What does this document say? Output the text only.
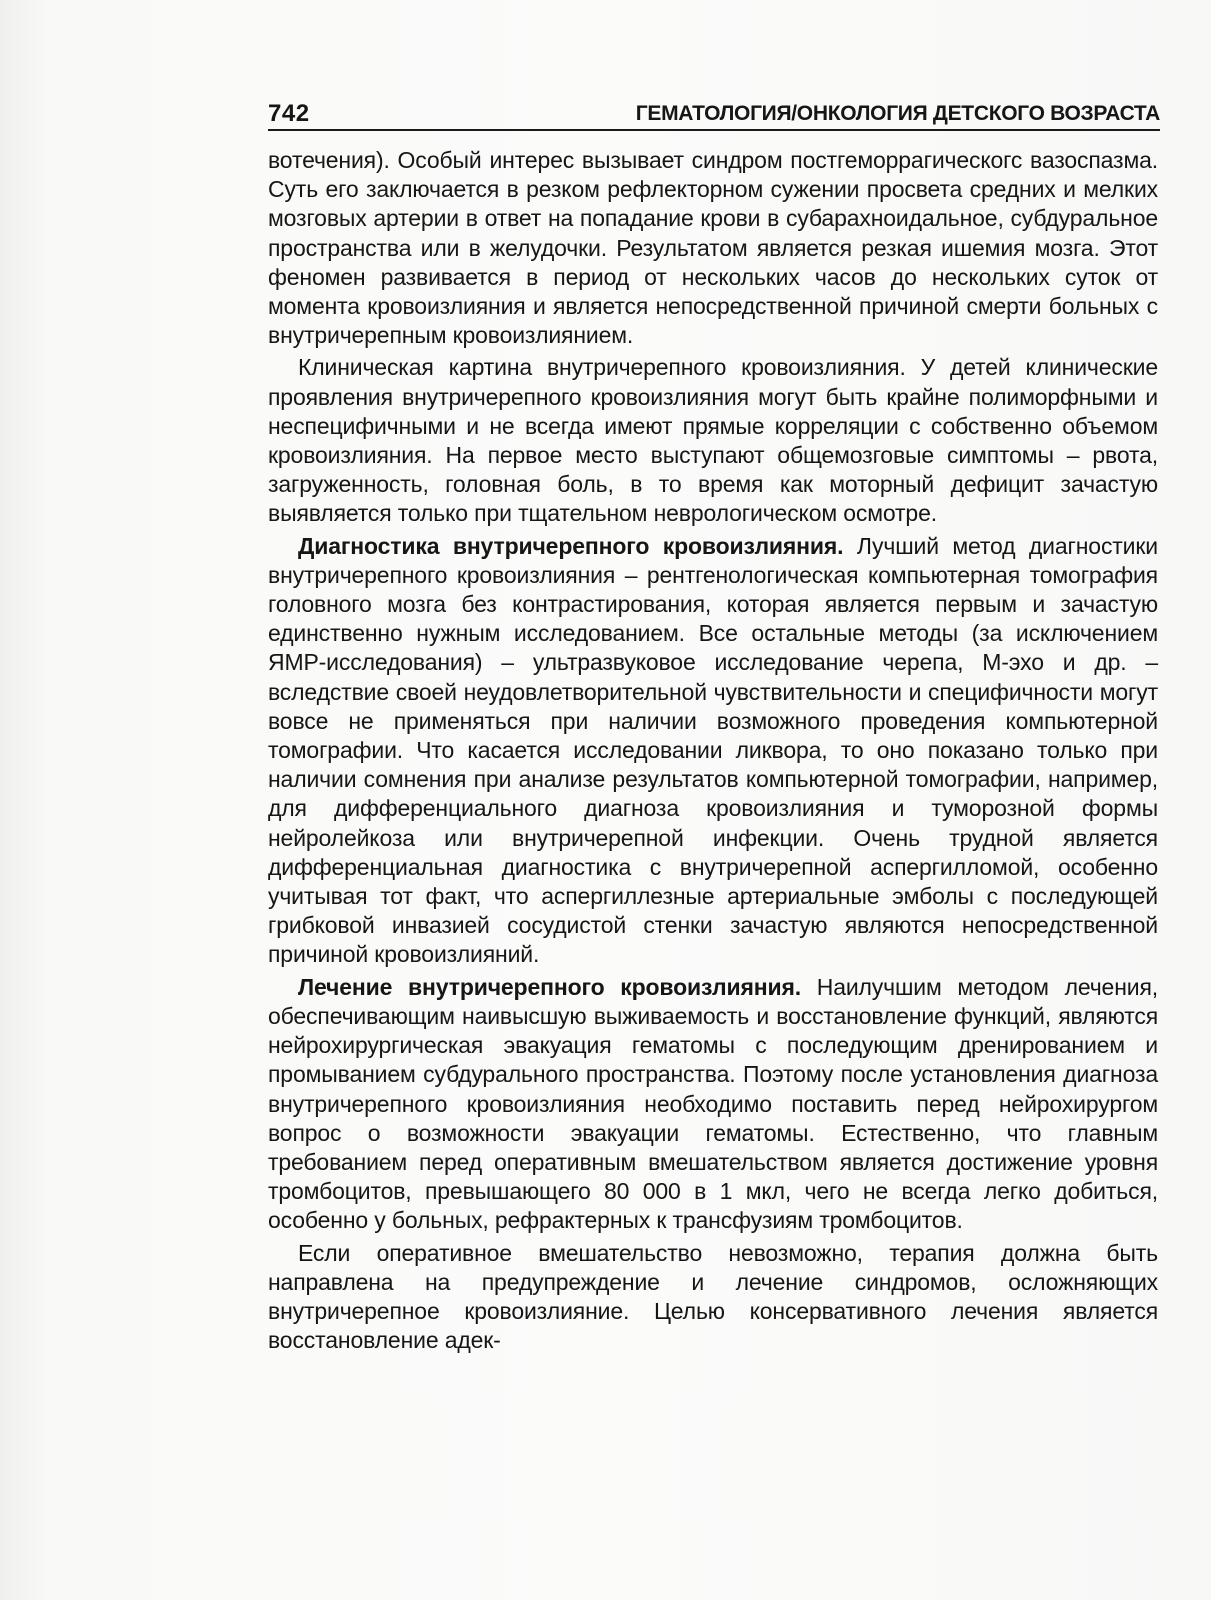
742	ГЕМАТОЛОГИЯ/ОНКОЛОГИЯ ДЕТСКОГО ВОЗРАСТА

вотечения). Особый интерес вызывает синдром постгеморрагическогс вазоспазма. Суть его заключается в резком рефлекторном сужении просвета средних и мелких мозговых артерии в ответ на попадание крови в субарахноидальное, субдуральное пространства или в желудочки. Результатом является резкая ишемия мозга. Этот феномен развивается в период от нескольких часов до нескольких суток от момента кровоизлияния и является непосредственной причиной смерти больных с внутричерепным кровоизлиянием.

Клиническая картина внутричерепного кровоизлияния. У детей клинические проявления внутричерепного кровоизлияния могут быть крайне полиморфными и неспецифичными и не всегда имеют прямые корреляции с собственно объемом кровоизлияния. На первое место выступают общемозговые симптомы – рвота, загруженность, головная боль, в то время как моторный дефицит зачастую выявляется только при тщательном неврологическом осмотре.

Диагностика внутричерепного кровоизлияния. Лучший метод диагностики внутричерепного кровоизлияния – рентгенологическая компьютерная томография головного мозга без контрастирования, которая является первым и зачастую единственно нужным исследованием. Все остальные методы (за исключением ЯМР-исследования) – ультразвуковое исследование черепа, М-эхо и др. – вследствие своей неудовлетворительной чувствительности и специфичности могут вовсе не применяться при наличии возможного проведения компьютерной томографии. Что касается исследовании ликвора, то оно показано только при наличии сомнения при анализе результатов компьютерной томографии, например, для дифференциального диагноза кровоизлияния и туморозной формы нейролейкоза или внутричерепной инфекции. Очень трудной является дифференциальная диагностика с внутричерепной аспергилломой, особенно учитывая тот факт, что аспергиллезные артериальные эмболы с последующей грибковой инвазией сосудистой стенки зачастую являются непосредственной причиной кровоизлияний.

Лечение внутричерепного кровоизлияния. Наилучшим методом лечения, обеспечивающим наивысшую выживаемость и восстановление функций, являются нейрохирургическая эвакуация гематомы с последующим дренированием и промыванием субдурального пространства. Поэтому после установления диагноза внутричерепного кровоизлияния необходимо поставить перед нейрохирургом вопрос о возможности эвакуации гематомы. Естественно, что главным требованием перед оперативным вмешательством является достижение уровня тромбоцитов, превышающего 80 000 в 1 мкл, чего не всегда легко добиться, особенно у больных, рефрактерных к трансфузиям тромбоцитов.

Если оперативное вмешательство невозможно, терапия должна быть направлена на предупреждение и лечение синдромов, осложняющих внутричерепное кровоизлияние. Целью консервативного лечения является восстановление адек-
